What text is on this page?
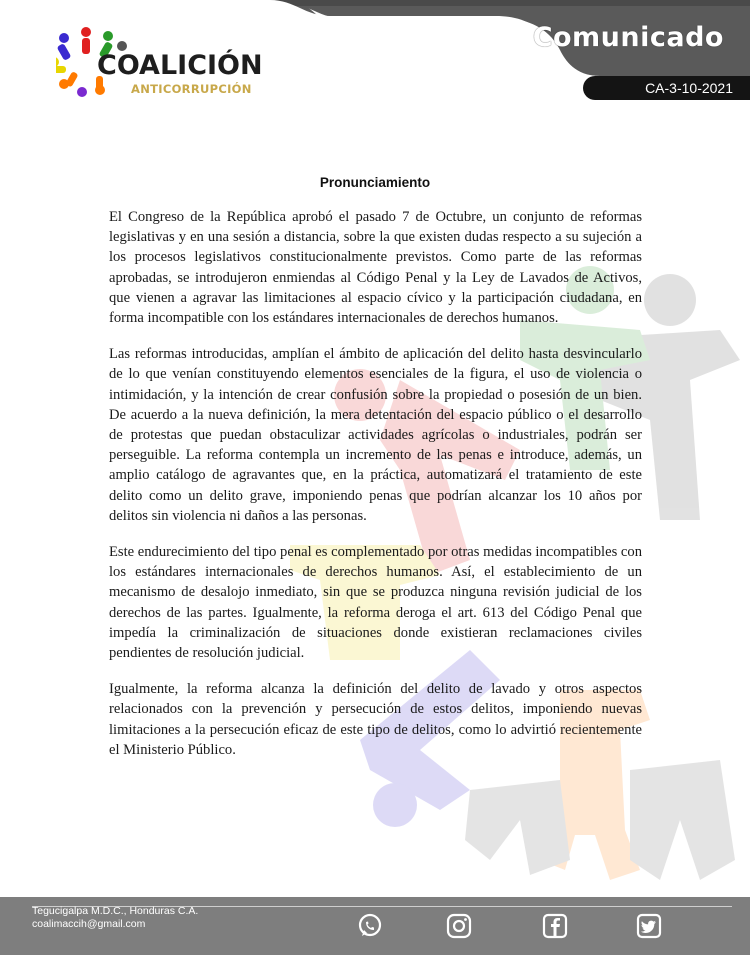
COALICIÓN
ANTICORRUPCIÓN
Comunicado
CA-3-10-2021
Pronunciamiento

El Congreso de la República aprobó el pasado 7 de Octubre, un conjunto de reformas legislativas y en una sesión a distancia, sobre la que existen dudas respecto a su sujeción a los procesos legislativos constitucionalmente previstos. Como parte de las reformas aprobadas, se introdujeron enmiendas al Código Penal y la Ley de Lavados de Activos, que vienen a agravar las limitaciones al espacio cívico y la participación ciudadana, en forma incompatible con los estándares internacionales de derechos humanos.

Las reformas introducidas, amplían el ámbito de aplicación del delito hasta desvincularlo de lo que venían constituyendo elementos esenciales de la figura, el uso de violencia o intimidación, y la intención de crear confusión sobre la propiedad o posesión de un bien. De acuerdo a la nueva definición, la mera detentación del espacio público o el desarrollo de protestas que puedan obstaculizar actividades agrícolas o industriales, podrán ser perseguible. La reforma contempla un incremento de las penas e introduce, además, un amplio catálogo de agravantes que, en la práctica, automatizará el tratamiento de este delito como un delito grave, imponiendo penas que podrían alcanzar los 10 años por delitos sin violencia ni daños a las personas.

Este endurecimiento del tipo penal es complementado por otras medidas incompatibles con los estándares internacionales de derechos humanos. Así, el establecimiento de un mecanismo de desalojo inmediato, sin que se produzca ninguna revisión judicial de los derechos de las partes. Igualmente, la reforma deroga el art. 613 del Código Penal que impedía la criminalización de situaciones donde existieran reclamaciones civiles pendientes de resolución judicial.

Igualmente, la reforma alcanza la definición del delito de lavado y otros aspectos relacionados con la prevención y persecución de estos delitos, imponiendo nuevas limitaciones a la persecución eficaz de este tipo de delitos, como lo advirtió recientemente el Ministerio Público.

Tegucigalpa M.D.C., Honduras C.A.
coalimaccih@gmail.com
